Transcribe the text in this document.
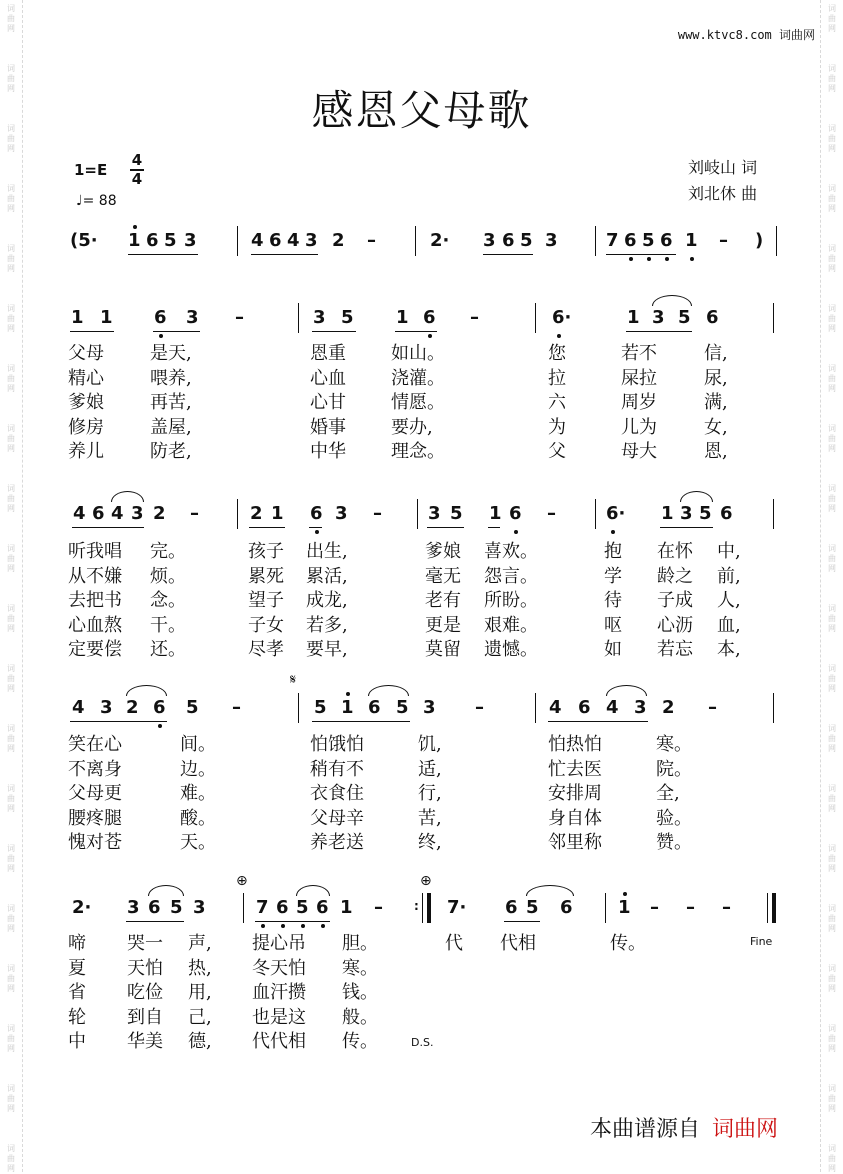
词
曲
网
词
曲
网
词
曲
网
词
曲
网
词
曲
网
词
曲
网
词
曲
网
词
曲
网
词
曲
网
词
曲
网
词
曲
网
词
曲
网
词
曲
网
词
曲
网
词
曲
网
词
曲
网
词
曲
网
词
曲
网
词
曲
网
词
曲
网
词
曲
网
词
曲
网
词
曲
网
词
曲
网
词
曲
网
词
曲
网
词
曲
网
词
曲
网
词
曲
网
词
曲
网
词
曲
网
词
曲
网
词
曲
网
词
曲
网
词
曲
网
词
曲
网
词
曲
网
词
曲
网
词
曲
网
词
曲
网
www.ktvc8.com 词曲网
感恩父母歌
1=E
4
4
♩= 88
刘岐山 词
刘北休 曲
(5· 1 6 5 3	4 6 4 3 2 –	2· 3 6 5 3	7 6 5 6 1 – )
1 1 6 3 –	3 5 1 6 –	6·	1 3 5 6
4 6 4 3 2 –	2 1 6 3 –	3 5 1 6 –	6· 1 3 5 6
4 3 2 6 5 –	5 1 6 5 3 –	4 6 4 3 2 –
2· 3 6 5 3	7 6 5 6 1 –	7· 6 5 6	1 – – –
:
𝄋
⊕	⊕
Fine
D.S.
父母	是天,	恩重	如山。	您	若不	信,
精心	喂养,	心血	浇灌。	拉	屎拉	尿,
爹娘	再苦,	心甘	情愿。	六	周岁	满,
修房	盖屋,	婚事	要办,	为	儿为	女,
养儿	防老,	中华	理念。	父	母大	恩,
听我唱 完。	孩子 出生,	爹娘 喜欢。	抱 在怀 中,
从不嫌 烦。	累死 累活,	毫无 怨言。	学 龄之 前,
去把书 念。	望子 成龙,	老有 所盼。	待 子成 人,
心血熬 干。	子女 若多,	更是 艰难。	呕 心沥 血,
定要偿 还。	尽孝 要早,	莫留 遗憾。	如 若忘 本,
笑在心	间。	怕饿怕	饥,	怕热怕	寒。
不离身	边。	稍有不	适,	忙去医	院。
父母更	难。	衣食住	行,	安排周	全,
腰疼腿	酸。	父母辛	苦,	身自体	验。
愧对苍	天。	养老送	终,	邻里称	赞。
啼 哭一 声, 提心吊 胆。	代 代相	传。
夏 天怕 热, 冬天怕 寒。
省 吃俭 用, 血汗攒 钱。
轮 到自 己, 也是这 般。
中 华美 德, 代代相 传。
本曲谱源自 词曲网
